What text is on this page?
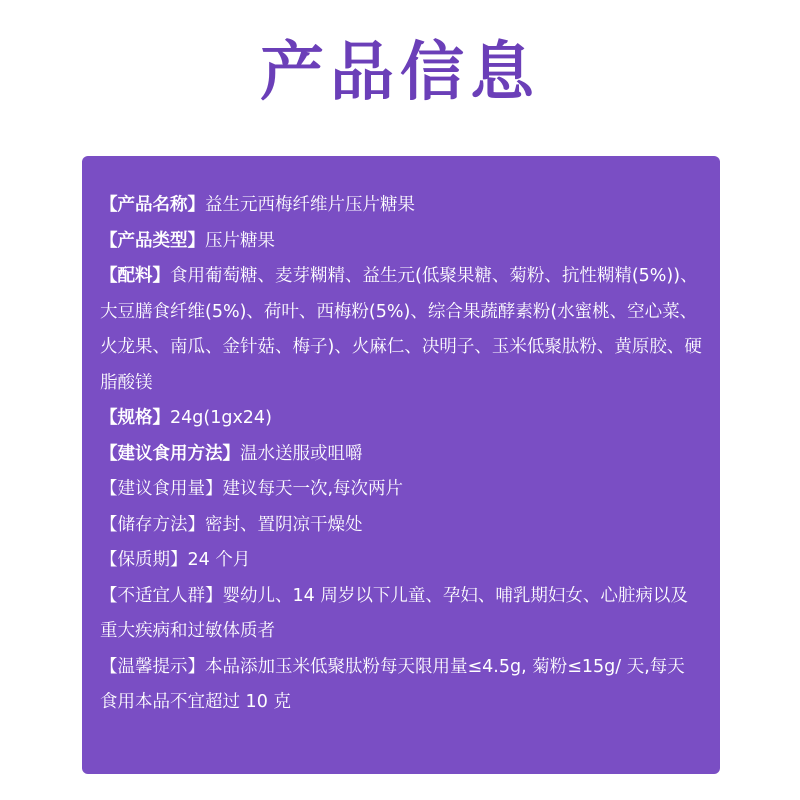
产品信息
【产品名称】益生元西梅纤维片压片糖果
【产品类型】压片糖果
【配料】食用葡萄糖、麦芽糊精、益生元(低聚果糖、菊粉、抗性糊精(5%))、大豆膳食纤维(5%)、荷叶、西梅粉(5%)、综合果蔬酵素粉(水蜜桃、空心菜、火龙果、南瓜、金针菇、梅子)、火麻仁、决明子、玉米低聚肽粉、黄原胶、硬脂酸镁
【规格】24g(1gx24)
【建议食用方法】温水送服或咀嚼
【建议食用量】建议每天一次,每次两片
【储存方法】密封、置阴凉干燥处
【保质期】24 个月
【不适宜人群】婴幼儿、14 周岁以下儿童、孕妇、哺乳期妇女、心脏病以及重大疾病和过敏体质者
【温馨提示】本品添加玉米低聚肽粉每天限用量≤4.5g, 菊粉≤15g/ 天,每天食用本品不宜超过 10 克
